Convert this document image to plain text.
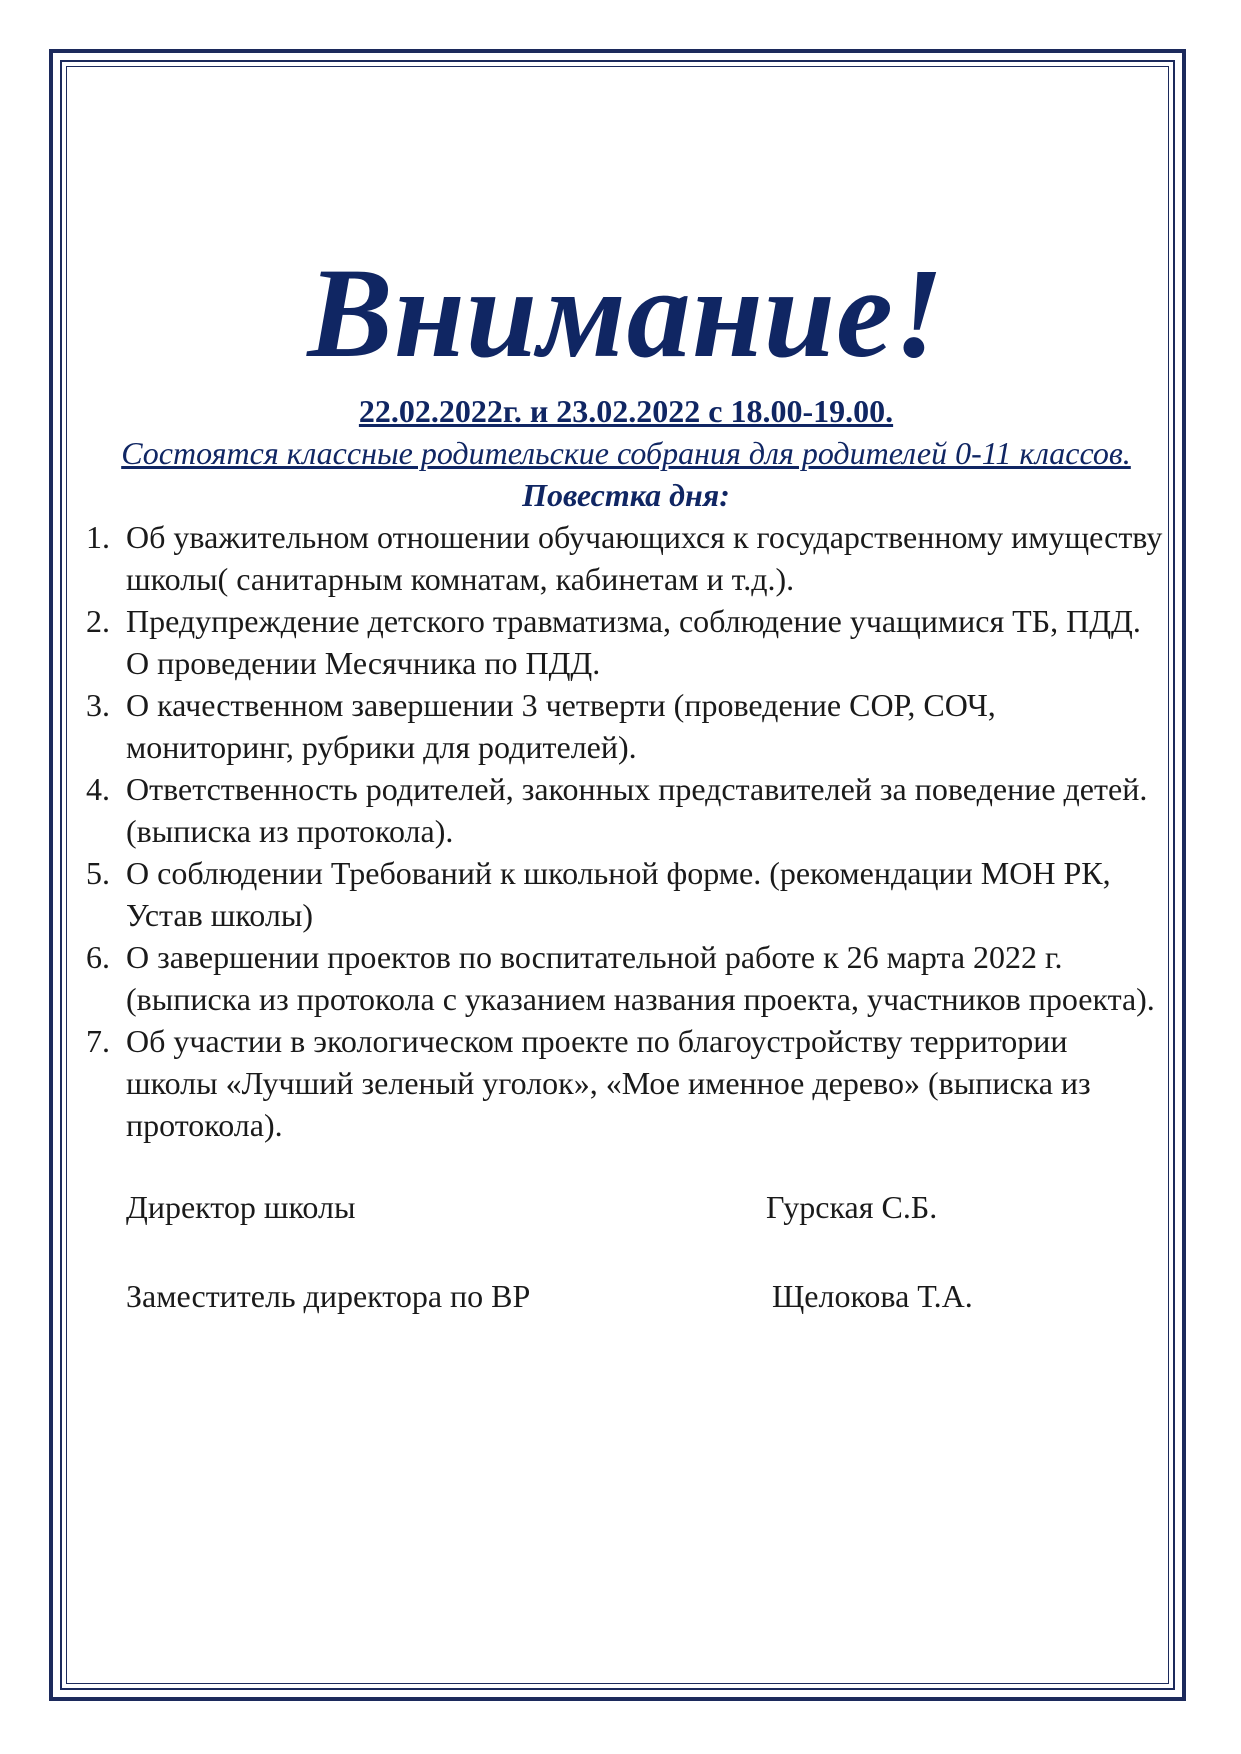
Внимание!
22.02.2022г. и 23.02.2022 с 18.00-19.00.
Состоятся классные родительские собрания для родителей 0-11 классов.
Повестка дня:
1. Об уважительном отношении обучающихся к государственному имуществу школы( санитарным комнатам, кабинетам и т.д.).
2. Предупреждение детского травматизма, соблюдение учащимися ТБ, ПДД. О проведении Месячника по ПДД.
3. О качественном завершении 3 четверти (проведение СОР, СОЧ, мониторинг, рубрики для родителей).
4. Ответственность родителей, законных представителей за поведение детей. (выписка из протокола).
5. О соблюдении Требований к школьной форме. (рекомендации МОН РК, Устав школы)
6. О завершении проектов по воспитательной работе к 26 марта 2022 г.(выписка из протокола с указанием названия проекта, участников проекта).
7. Об участии в экологическом проекте по благоустройству территории школы «Лучший зеленый уголок», «Мое именное дерево» (выписка из протокола).
Директор школы	Гурская С.Б.
Заместитель директора по ВР	Щелокова Т.А.
